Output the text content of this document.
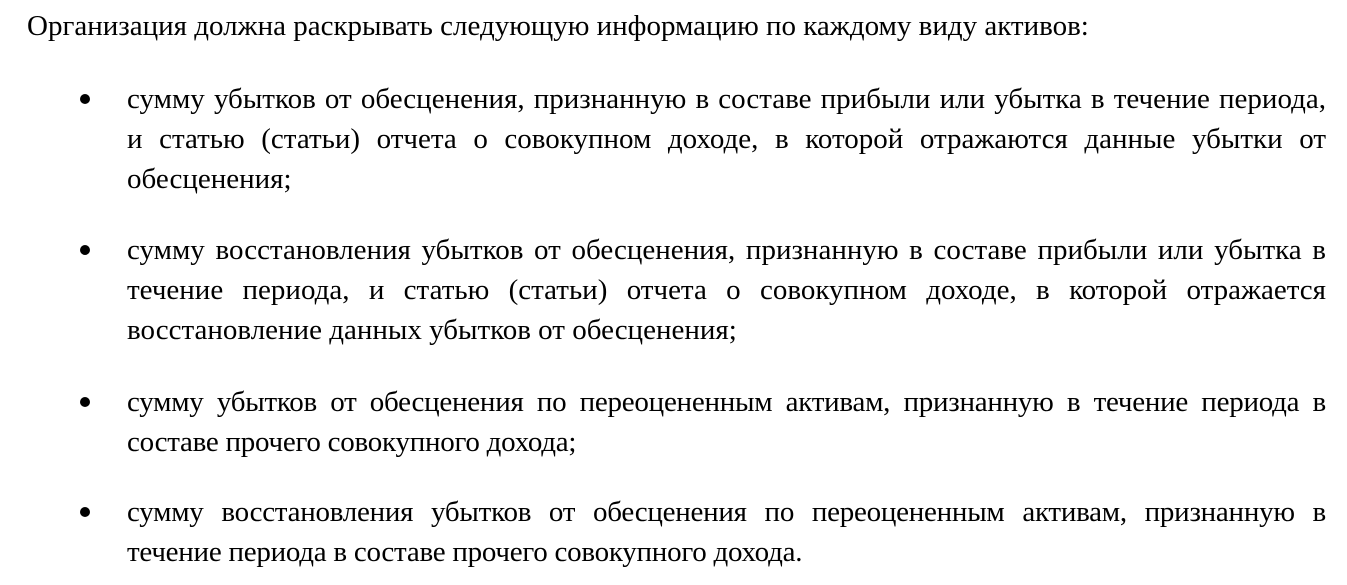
Организация должна раскрывать следующую информацию по каждому виду активов:

сумму убытков от обесценения, признанную в составе прибыли или убытка в течение периода, и статью (статьи) отчета о совокупном доходе, в которой отражаются данные убытки от обесценения;

сумму восстановления убытков от обесценения, признанную в составе прибыли или убытка в течение периода, и статью (статьи) отчета о совокупном доходе, в которой отражается восстановление данных убытков от обесценения;

сумму убытков от обесценения по переоцененным активам, признанную в течение периода в составе прочего совокупного дохода;

сумму восстановления убытков от обесценения по переоцененным активам, признанную в течение периода в составе прочего совокупного дохода.
